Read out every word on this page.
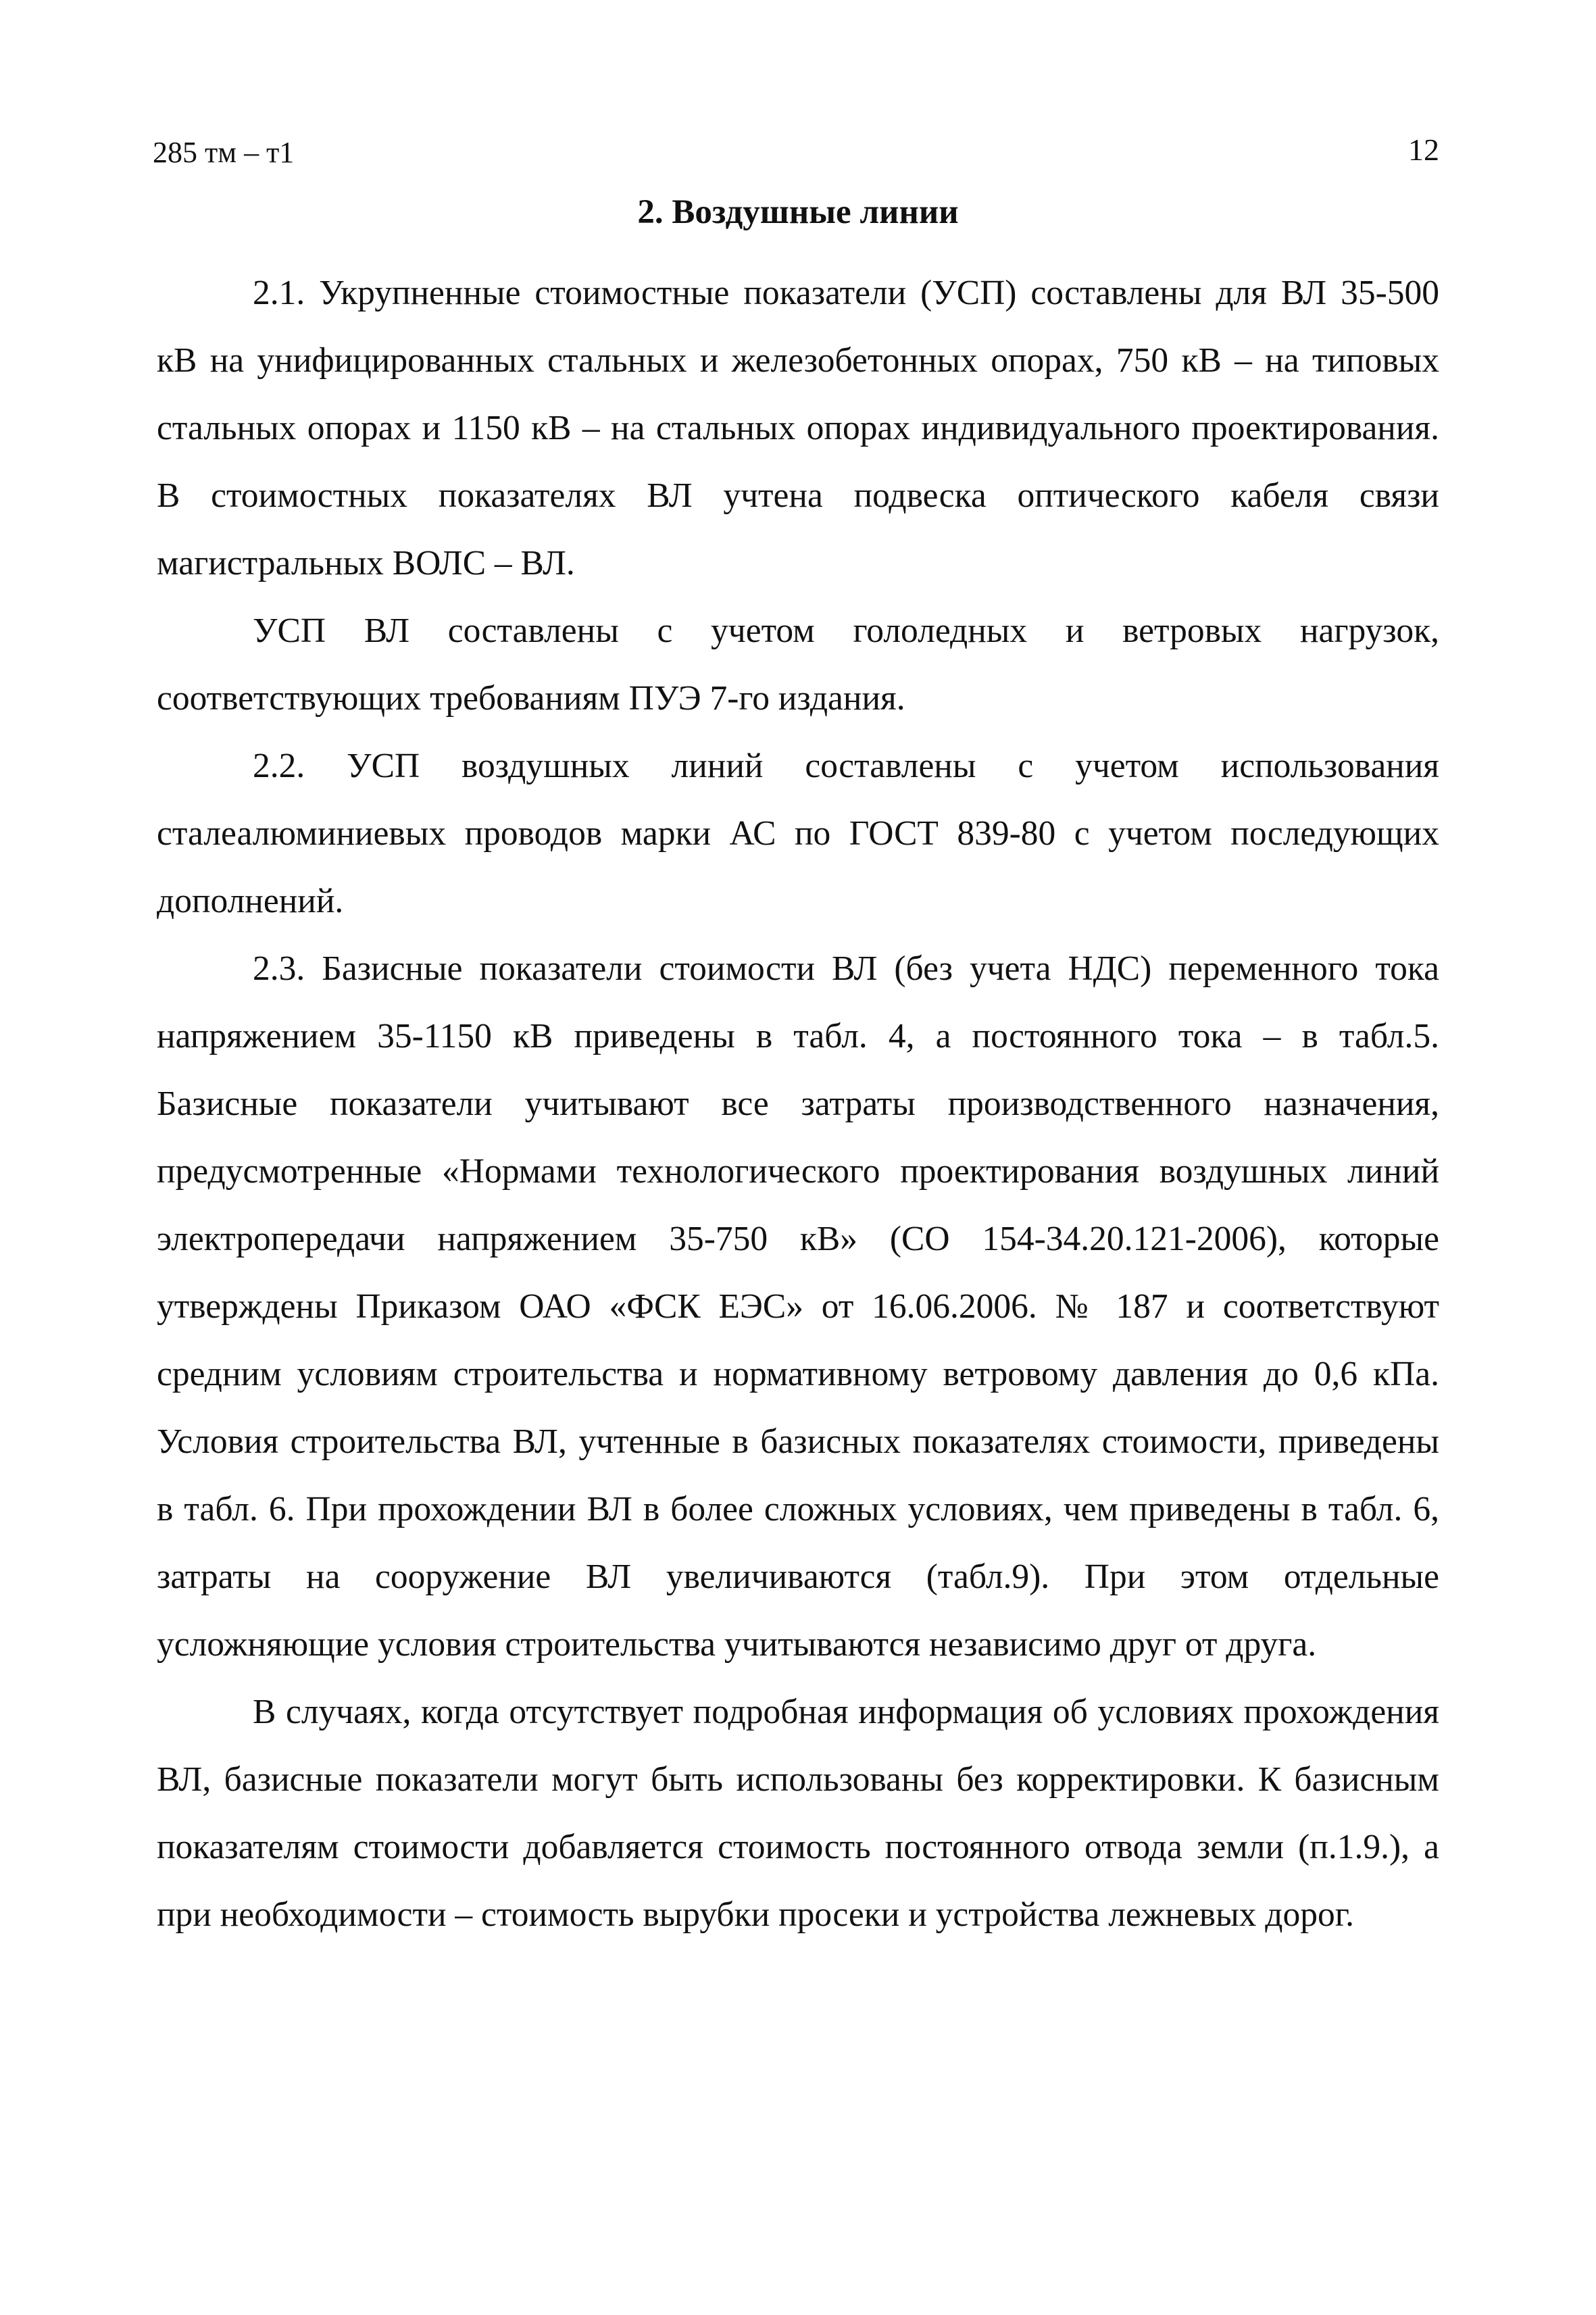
285 тм – т1	12
2. Воздушные линии

2.1. Укрупненные стоимостные показатели (УСП) составлены для ВЛ 35-500 кВ на унифицированных стальных и железобетонных опорах, 750 кВ – на типовых стальных опорах и 1150 кВ – на стальных опорах индивидуального проектирования. В стоимостных показателях ВЛ учтена подвеска оптического кабеля связи магистральных ВОЛС – ВЛ.

УСП ВЛ составлены с учетом гололедных и ветровых нагрузок, соответствующих требованиям ПУЭ 7-го издания.

2.2. УСП воздушных линий составлены с учетом использования сталеалюминиевых проводов марки АС по ГОСТ 839-80 с учетом последующих дополнений.

2.3. Базисные показатели стоимости ВЛ (без учета НДС) переменного тока напряжением 35-1150 кВ приведены в табл. 4, а постоянного тока – в табл.5. Базисные показатели учитывают все затраты производственного назначения, предусмотренные «Нормами технологического проектирования воздушных линий электропередачи напряжением 35-750 кВ» (СО 154-34.20.121-2006), которые утверждены Приказом ОАО «ФСК ЕЭС» от 16.06.2006. № 187 и соответствуют средним условиям строительства и нормативному ветровому давления до 0,6 кПа. Условия строительства ВЛ, учтенные в базисных показателях стоимости, приведены в табл. 6. При прохождении ВЛ в более сложных условиях, чем приведены в табл. 6, затраты на сооружение ВЛ увеличиваются (табл.9). При этом отдельные усложняющие условия строительства учитываются независимо друг от друга.

В случаях, когда отсутствует подробная информация об условиях прохождения ВЛ, базисные показатели могут быть использованы без корректировки. К базисным показателям стоимости добавляется стоимость постоянного отвода земли (п.1.9.), а при необходимости – стоимость вырубки просеки и устройства лежневых дорог.
